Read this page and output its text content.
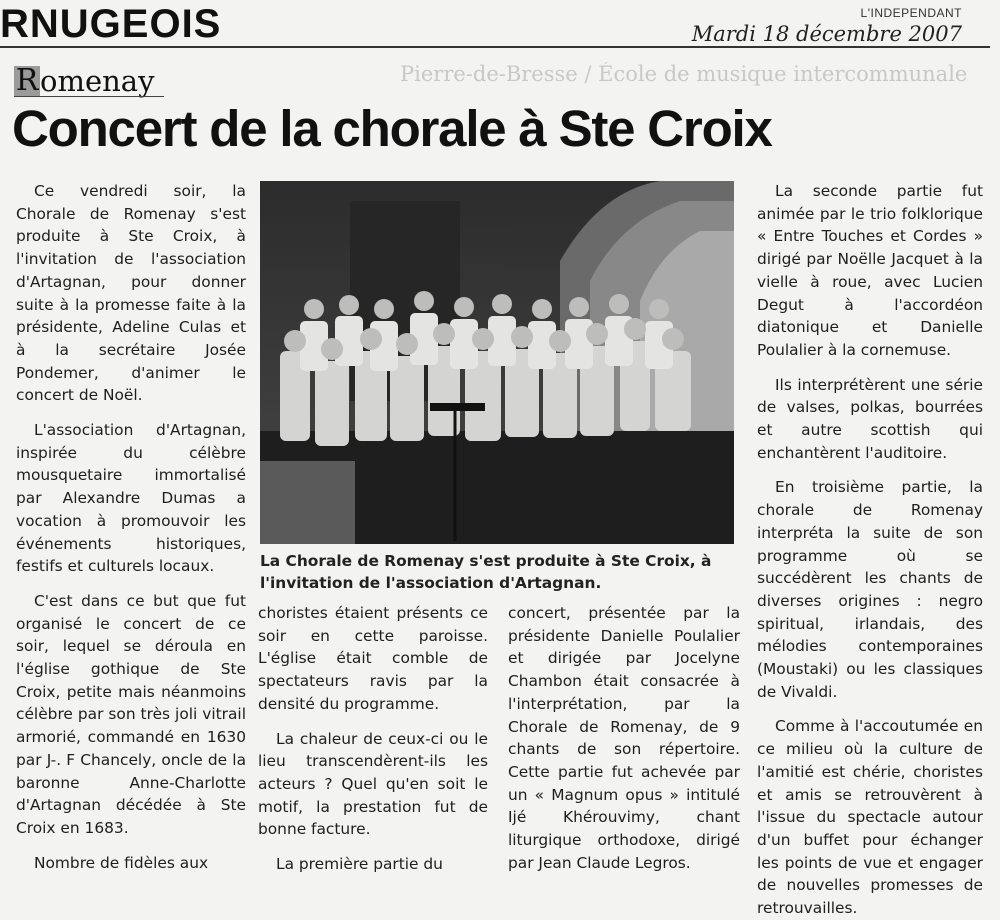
RNUGEOIS	L'INDEPENDANT
Mardi 18 décembre 2007
Pierre-de-Bresse / École de musique intercommunale
R omenay
Concert de la chorale à Ste Croix

Ce vendredi soir, la Chorale de Romenay s'est produite à Ste Croix, à l'invitation de l'association d'Artagnan, pour donner suite à la promesse faite à la présidente, Adeline Culas et à la secrétaire Josée Pondemer, d'animer le concert de Noël.

L'association d'Artagnan, inspirée du célèbre mousquetaire immortalisé par Alexandre Dumas a vocation à promouvoir les événements historiques, festifs et culturels locaux.

C'est dans ce but que fut organisé le concert de ce soir, lequel se déroula en l'église gothique de Ste Croix, petite mais néanmoins célèbre par son très joli vitrail armorié, commandé en 1630 par J-. F Chancely, oncle de la baronne Anne-Charlotte d'Artagnan décédée à Ste Croix en 1683.

Nombre de fidèles aux

La Chorale de Romenay s'est produite à Ste Croix, à l'invitation de l'association d'Artagnan.

choristes étaient présents ce soir en cette paroisse. L'église était comble de spectateurs ravis par la densité du programme.

La chaleur de ceux-ci ou le lieu transcendèrent-ils les acteurs ? Quel qu'en soit le motif, la prestation fut de bonne facture.

La première partie du

concert, présentée par la présidente Danielle Poulalier et dirigée par Jocelyne Chambon était consacrée à l'interprétation, par la Chorale de Romenay, de 9 chants de son répertoire. Cette partie fut achevée par un « Magnum opus » intitulé Ijé Khérouvimy, chant liturgique orthodoxe, dirigé par Jean Claude Legros.

La seconde partie fut animée par le trio folklorique « Entre Touches et Cordes » dirigé par Noëlle Jacquet à la vielle à roue, avec Lucien Degut à l'accordéon diatonique et Danielle Poulalier à la cornemuse.

Ils interprétèrent une série de valses, polkas, bourrées et autre scottish qui enchantèrent l'auditoire.

En troisième partie, la chorale de Romenay interpréta la suite de son programme où se succédèrent les chants de diverses origines : negro spiritual, irlandais, des mélodies contemporaines (Moustaki) ou les classiques de Vivaldi.

Comme à l'accoutumée en ce milieu où la culture de l'amitié est chérie, choristes et amis se retrouvèrent à l'issue du spectacle autour d'un buffet pour échanger les points de vue et engager de nouvelles promesses de retrouvailles.
